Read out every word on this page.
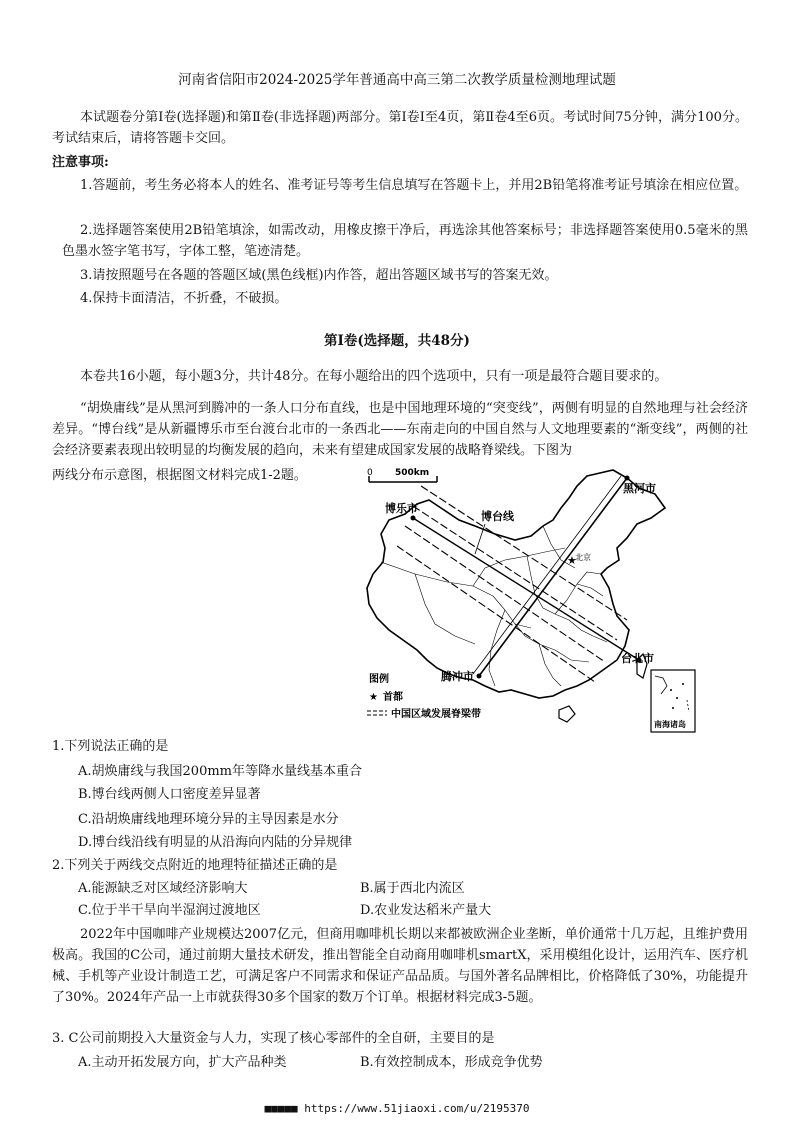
河南省信阳市2024-2025学年普通高中高三第二次教学质量检测地理试题
本试题卷分第Ⅰ卷(选择题)和第Ⅱ卷(非选择题)两部分。第Ⅰ卷Ⅰ至4页，第Ⅱ卷4至6页。考试时间75分钟，满分100分。考试结束后，请将答题卡交回。
注意事项:
1.答题前，考生务必将本人的姓名、准考证号等考生信息填写在答题卡上，并用2B铅笔将准考证号填涂在相应位置。
2.选择题答案使用2B铅笔填涂，如需改动，用橡皮擦干净后，再选涂其他答案标号；非选择题答案使用0.5毫米的黑色墨水签字笔书写，字体工整，笔迹清楚。
3.请按照题号在各题的答题区域(黑色线框)内作答，超出答题区域书写的答案无效。
4.保持卡面清洁，不折叠，不破损。
第Ⅰ卷(选择题，共48分)
本卷共16小题，每小题3分，共计48分。在每小题给出的四个选项中，只有一项是最符合题目要求的。
“胡焕庸线”是从黑河到腾冲的一条人口分布直线，也是中国地理环境的“突变线”，两侧有明显的自然地理与社会经济差异。“博台线”是从新疆博乐市至台渡台北市的一条西北——东南走向的中国自然与人文地理要素的“渐变线”，两侧的社会经济要素表现出较明显的均衡发展的趋向，未来有望建成国家发展的战略脊梁线。下图为
两线分布示意图，根据图文材料完成1-2题。	0 500km
★
北京
黑河市
博乐市
博台线
台北市
腾冲市
图例
★ 首都
中国区域发展脊梁带
南海诸岛
1.下列说法正确的是
A.胡焕庸线与我国200mm年等降水量线基本重合
B.博台线两侧人口密度差异显著
C.沿胡焕庸线地理环境分异的主导因素是水分
D.博台线沿线有明显的从沿海向内陆的分异规律
2.下列关于两线交点附近的地理特征描述正确的是
A.能源缺乏对区域经济影响大	B.属于西北内流区
C.位于半干旱向半湿润过渡地区	D.农业发达稻米产量大
2022年中国咖啡产业规模达2007亿元，但商用咖啡机长期以来都被欧洲企业垄断，单价通常十几万起，且维护费用极高。我国的C公司，通过前期大量技术研发，推出智能全自动商用咖啡机smartX，采用模组化设计，运用汽车、医疗机械、手机等产业设计制造工艺，可满足客户不同需求和保证产品品质。与国外著名品牌相比，价格降低了30%，功能提升了30%。2024年产品一上市就获得30多个国家的数万个订单。根据材料完成3-5题。
3. C公司前期投入大量资金与人力，实现了核心零部件的全自研，主要目的是
A.主动开拓发展方向，扩大产品种类	B.有效控制成本，形成竞争优势
■■■■■ https://www.51jiaoxi.com/u/2195370
